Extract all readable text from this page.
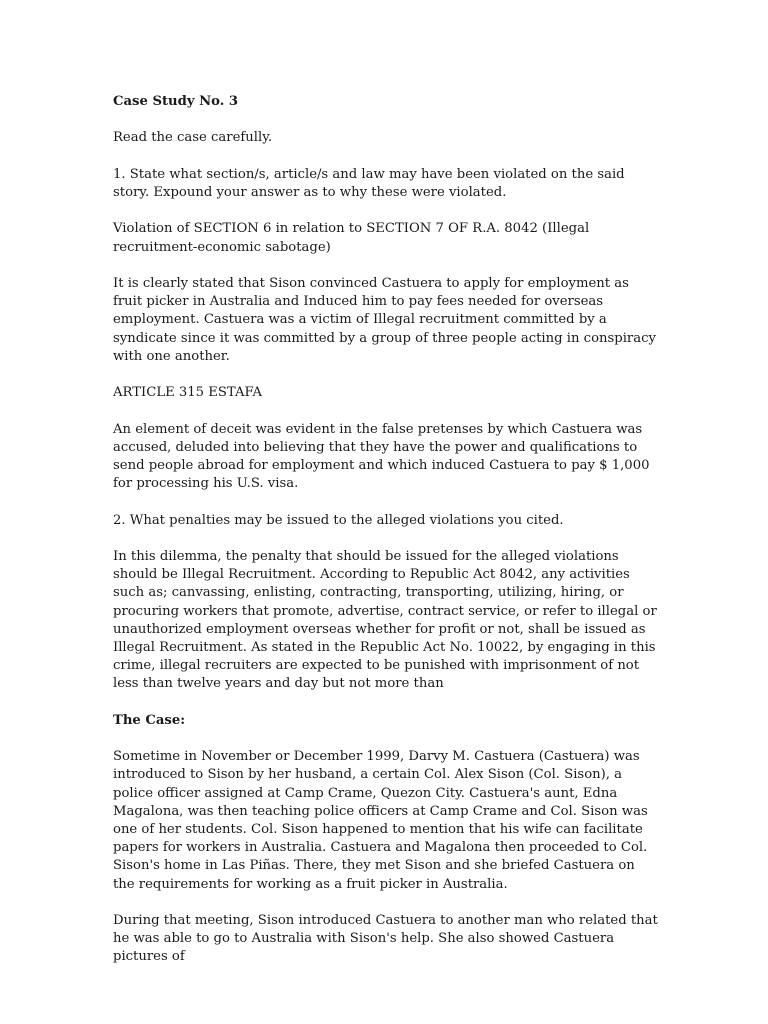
Case Study No. 3

Read the case carefully.

1. State what section/s, article/s and law may have been violated on the said story. Expound your answer as to why these were violated.

Violation of SECTION 6 in relation to SECTION 7 OF R.A. 8042 (Illegal recruitment-economic sabotage)

It is clearly stated that Sison convinced Castuera to apply for employment as fruit picker in Australia and Induced him to pay fees needed for overseas employment. Castuera was a victim of Illegal recruitment committed by a syndicate since it was committed by a group of three people acting in conspiracy with one another.

ARTICLE 315 ESTAFA

An element of deceit was evident in the false pretenses by which Castuera was accused, deluded into believing that they have the power and qualifications to send people abroad for employment and which induced Castuera to pay $ 1,000 for processing his U.S. visa.

2. What penalties may be issued to the alleged violations you cited.

In this dilemma, the penalty that should be issued for the alleged violations should be Illegal Recruitment. According to Republic Act 8042, any activities such as; canvassing, enlisting, contracting, transporting, utilizing, hiring, or procuring workers that promote, advertise, contract service, or refer to illegal or unauthorized employment overseas whether for profit or not, shall be issued as Illegal Recruitment. As stated in the Republic Act No. 10022, by engaging in this crime, illegal recruiters are expected to be punished with imprisonment of not less than twelve years and day but not more than

The Case:

Sometime in November or December 1999, Darvy M. Castuera (Castuera) was introduced to Sison by her husband, a certain Col. Alex Sison (Col. Sison), a police officer assigned at Camp Crame, Quezon City. Castuera's aunt, Edna Magalona, was then teaching police officers at Camp Crame and Col. Sison was one of her students. Col. Sison happened to mention that his wife can facilitate papers for workers in Australia. Castuera and Magalona then proceeded to Col. Sison's home in Las Piñas. There, they met Sison and she briefed Castuera on the requirements for working as a fruit picker in Australia.

During that meeting, Sison introduced Castuera to another man who related that he was able to go to Australia with Sison's help. She also showed Castuera pictures of
